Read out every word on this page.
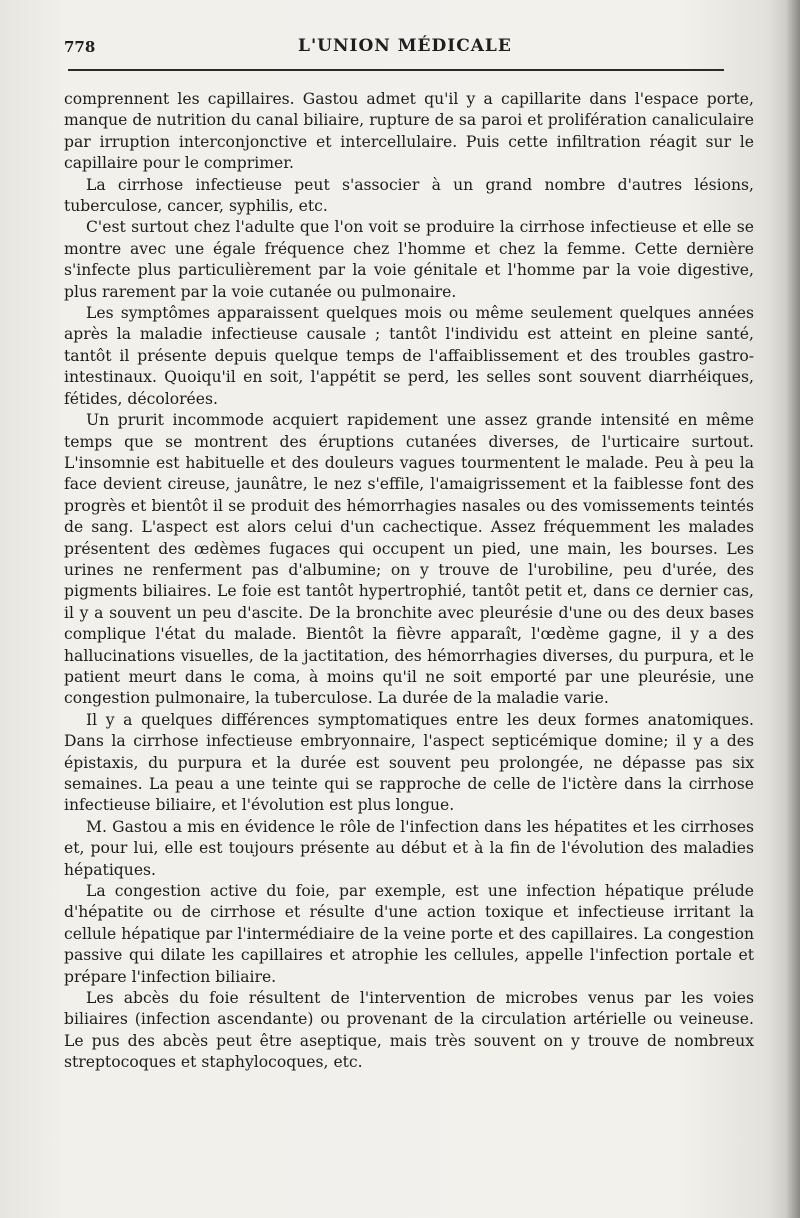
778	L'UNION MÉDICALE

comprennent les capillaires. Gastou admet qu'il y a capillarite dans l'espace porte, manque de nutrition du canal biliaire, rupture de sa paroi et prolifération canaliculaire par irruption interconjonctive et intercellulaire. Puis cette infiltration réagit sur le capillaire pour le comprimer.

La cirrhose infectieuse peut s'associer à un grand nombre d'autres lésions, tuberculose, cancer, syphilis, etc.

C'est surtout chez l'adulte que l'on voit se produire la cirrhose infectieuse et elle se montre avec une égale fréquence chez l'homme et chez la femme. Cette dernière s'infecte plus particulièrement par la voie génitale et l'homme par la voie digestive, plus rarement par la voie cutanée ou pulmonaire.

Les symptômes apparaissent quelques mois ou même seulement quelques années après la maladie infectieuse causale ; tantôt l'individu est atteint en pleine santé, tantôt il présente depuis quelque temps de l'affaiblissement et des troubles gastro-intestinaux. Quoiqu'il en soit, l'appétit se perd, les selles sont souvent diarrhéiques, fétides, décolorées.

Un prurit incommode acquiert rapidement une assez grande intensité en même temps que se montrent des éruptions cutanées diverses, de l'urticaire surtout. L'insomnie est habituelle et des douleurs vagues tourmentent le malade. Peu à peu la face devient cireuse, jaunâtre, le nez s'effile, l'amaigrissement et la faiblesse font des progrès et bientôt il se produit des hémorrhagies nasales ou des vomissements teintés de sang. L'aspect est alors celui d'un cachectique. Assez fréquemment les malades présentent des œdèmes fugaces qui occupent un pied, une main, les bourses. Les urines ne renferment pas d'albumine; on y trouve de l'urobiline, peu d'urée, des pigments biliaires. Le foie est tantôt hypertrophié, tantôt petit et, dans ce dernier cas, il y a souvent un peu d'ascite. De la bronchite avec pleurésie d'une ou des deux bases complique l'état du malade. Bientôt la fièvre apparaît, l'œdème gagne, il y a des hallucinations visuelles, de la jactitation, des hémorrhagies diverses, du purpura, et le patient meurt dans le coma, à moins qu'il ne soit emporté par une pleurésie, une congestion pulmonaire, la tuberculose. La durée de la maladie varie.

Il y a quelques différences symptomatiques entre les deux formes anatomiques. Dans la cirrhose infectieuse embryonnaire, l'aspect septicémique domine; il y a des épistaxis, du purpura et la durée est souvent peu prolongée, ne dépasse pas six semaines. La peau a une teinte qui se rapproche de celle de l'ictère dans la cirrhose infectieuse biliaire, et l'évolution est plus longue.

M. Gastou a mis en évidence le rôle de l'infection dans les hépatites et les cirrhoses et, pour lui, elle est toujours présente au début et à la fin de l'évolution des maladies hépatiques.

La congestion active du foie, par exemple, est une infection hépatique prélude d'hépatite ou de cirrhose et résulte d'une action toxique et infectieuse irritant la cellule hépatique par l'intermédiaire de la veine porte et des capillaires. La congestion passive qui dilate les capillaires et atrophie les cellules, appelle l'infection portale et prépare l'infection biliaire.

Les abcès du foie résultent de l'intervention de microbes venus par les voies biliaires (infection ascendante) ou provenant de la circulation artérielle ou veineuse. Le pus des abcès peut être aseptique, mais très souvent on y trouve de nombreux streptocoques et staphylocoques, etc.
